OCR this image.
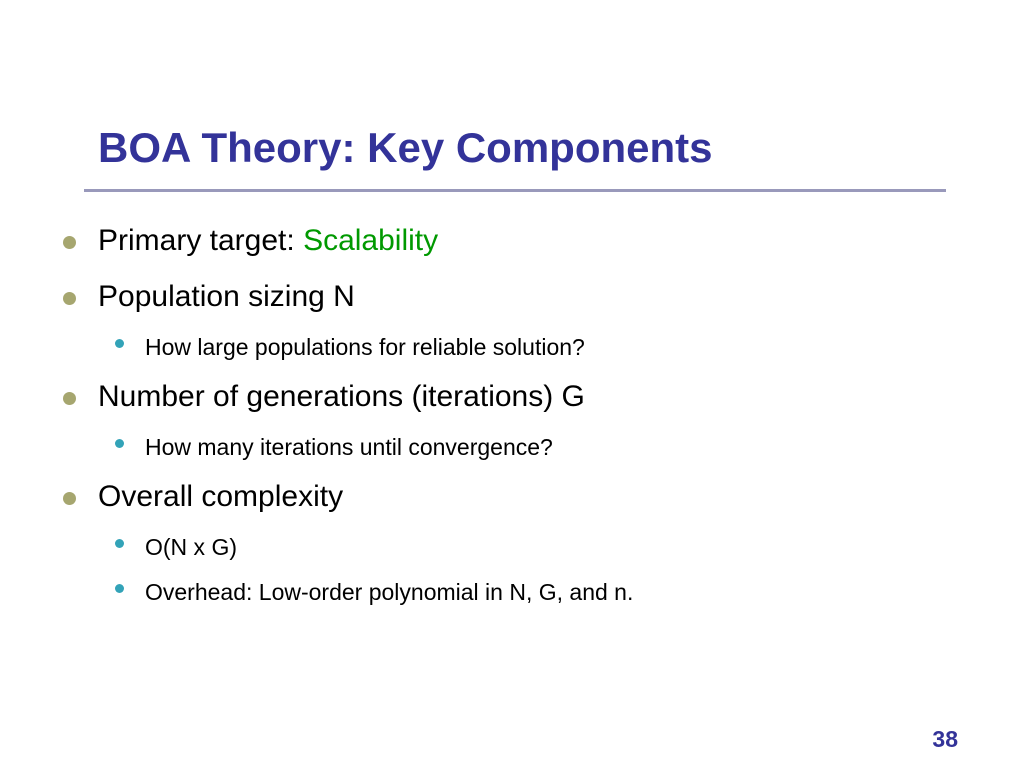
BOA Theory: Key Components
Primary target: Scalability
Population sizing N
How large populations for reliable solution?
Number of generations (iterations) G
How many iterations until convergence?
Overall complexity
O(N x G)
Overhead: Low-order polynomial in N, G, and n.
38
